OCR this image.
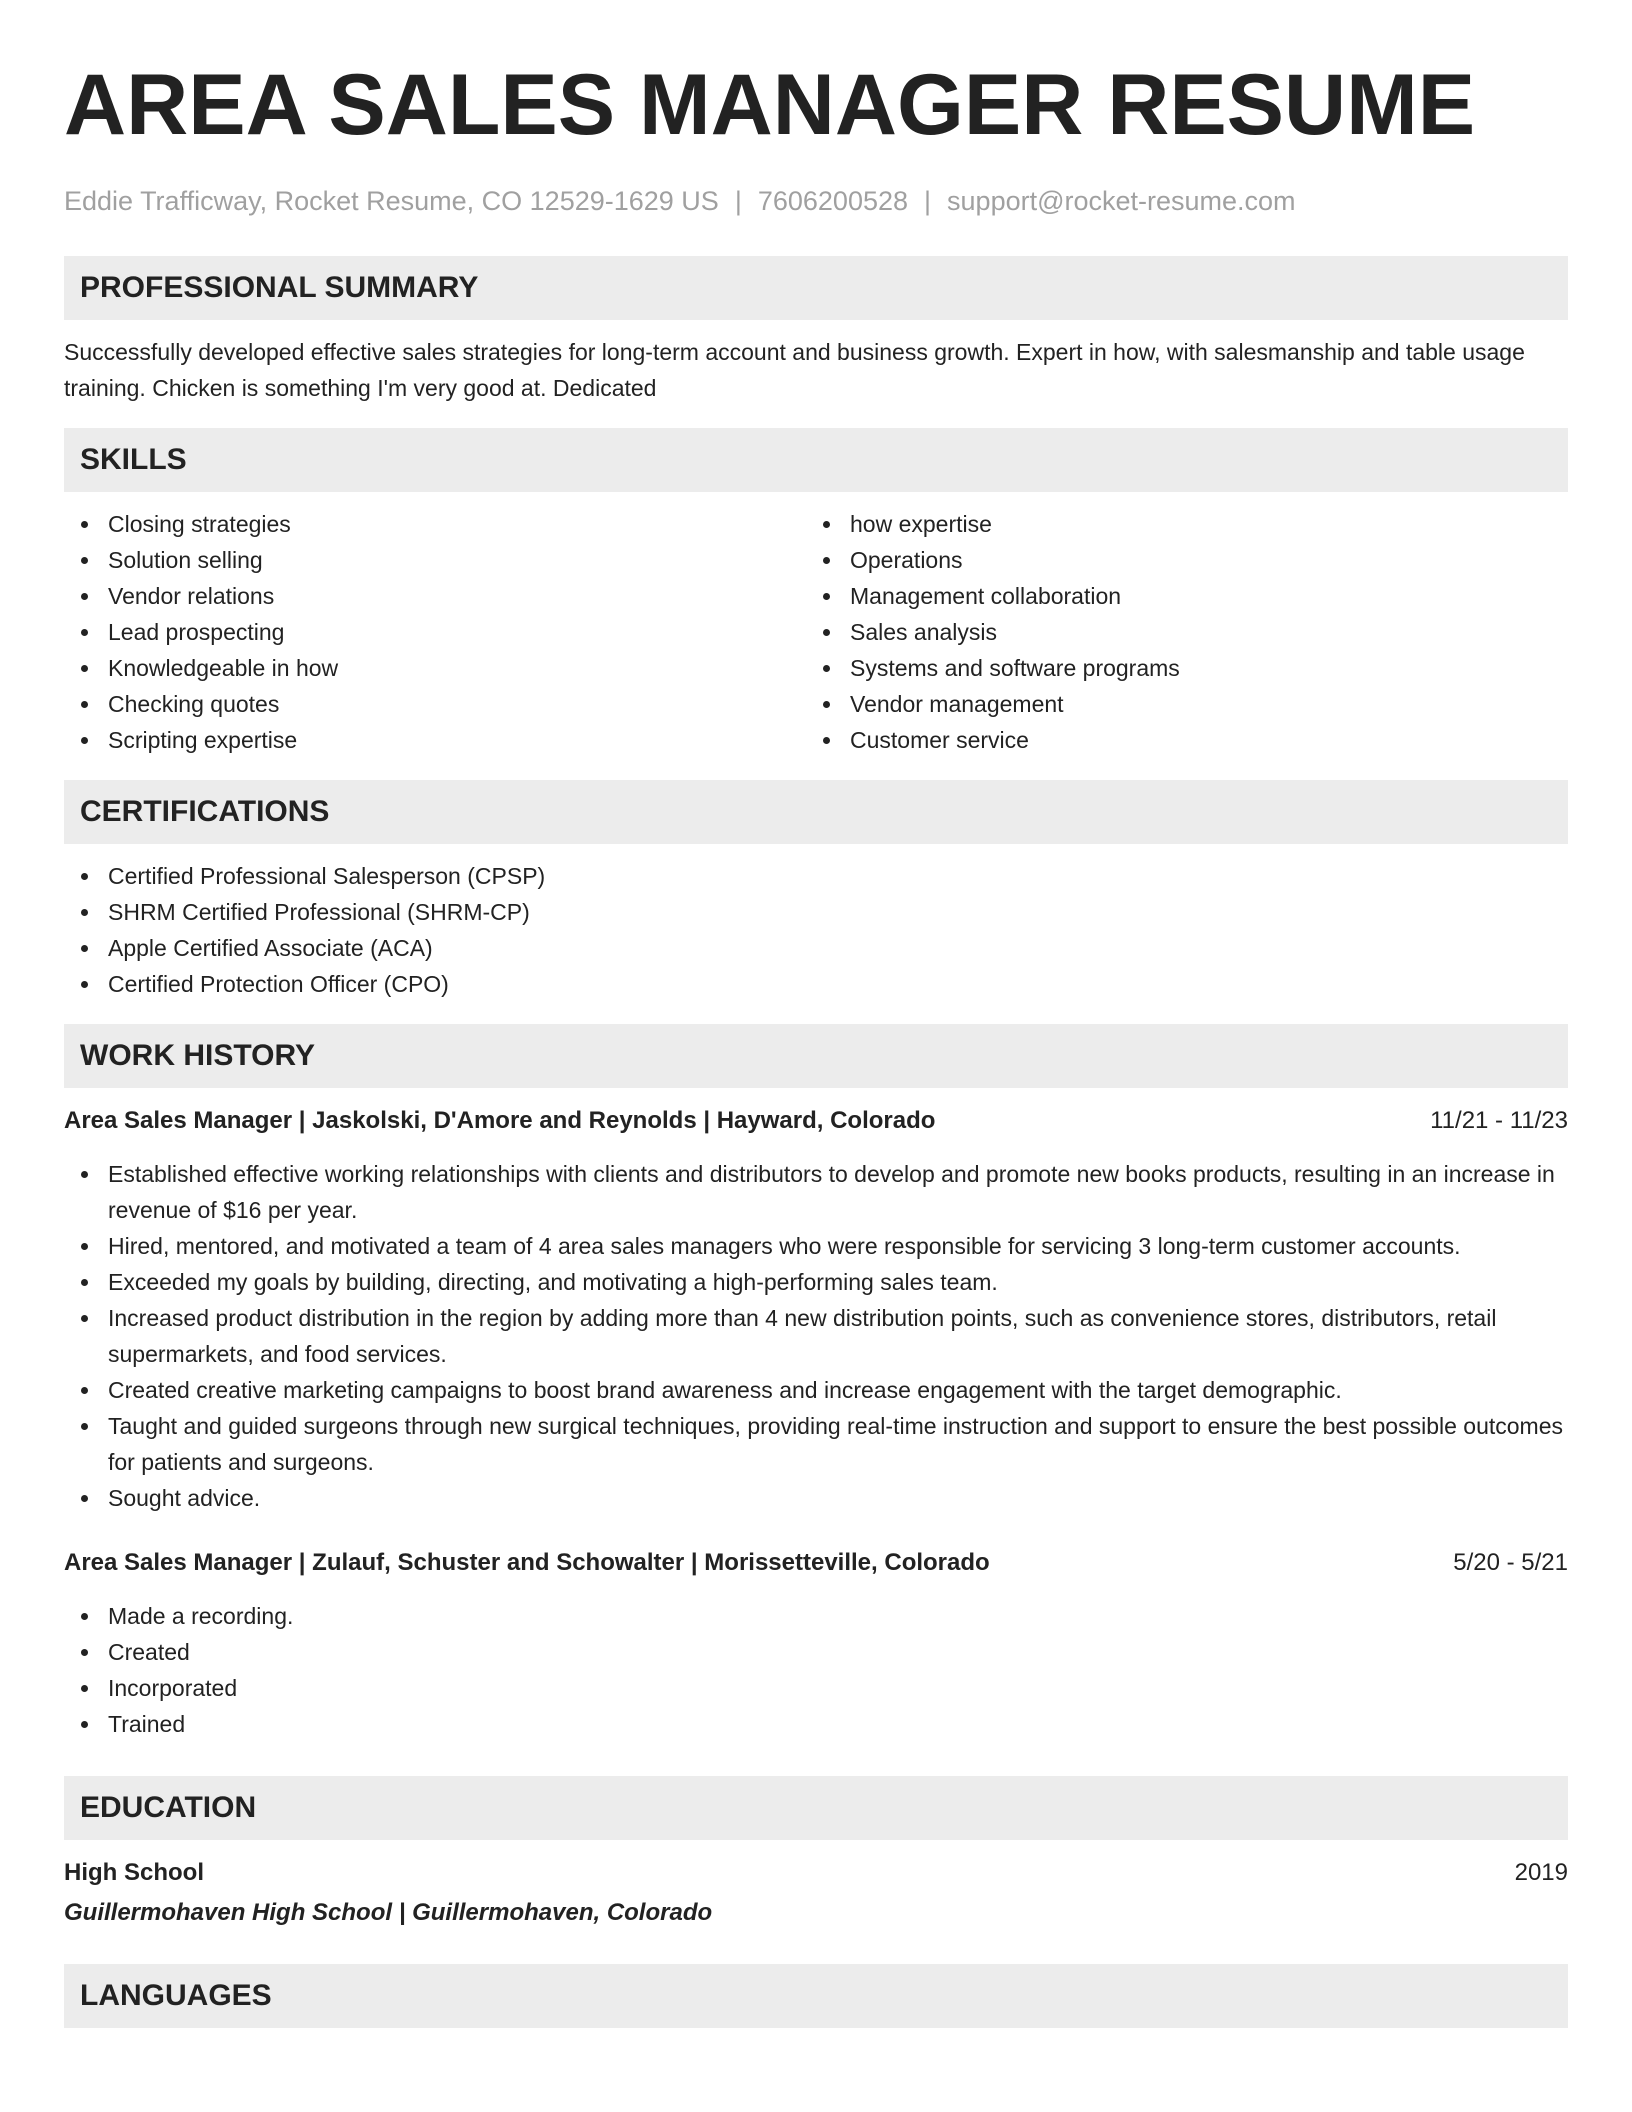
AREA SALES MANAGER RESUME
Eddie Trafficway, Rocket Resume, CO 12529-1629 US | 7606200528 | support@rocket-resume.com
PROFESSIONAL SUMMARY

Successfully developed effective sales strategies for long-term account and business growth. Expert in how, with salesmanship and table usage training. Chicken is something I'm very good at. Dedicated

SKILLS
Closing strategies
Solution selling
Vendor relations
Lead prospecting
Knowledgeable in how
Checking quotes
Scripting expertise
how expertise
Operations
Management collaboration
Sales analysis
Systems and software programs
Vendor management
Customer service
CERTIFICATIONS
Certified Professional Salesperson (CPSP)
SHRM Certified Professional (SHRM-CP)
Apple Certified Associate (ACA)
Certified Protection Officer (CPO)
WORK HISTORY
Area Sales Manager | Jaskolski, D'Amore and Reynolds | Hayward, Colorado	11/21 - 11/23
Established effective working relationships with clients and distributors to develop and promote new books products, resulting in an increase in revenue of $16 per year.
Hired, mentored, and motivated a team of 4 area sales managers who were responsible for servicing 3 long-term customer accounts.
Exceeded my goals by building, directing, and motivating a high-performing sales team.
Increased product distribution in the region by adding more than 4 new distribution points, such as convenience stores, distributors, retail supermarkets, and food services.
Created creative marketing campaigns to boost brand awareness and increase engagement with the target demographic.
Taught and guided surgeons through new surgical techniques, providing real-time instruction and support to ensure the best possible outcomes for patients and surgeons.
Sought advice.
Area Sales Manager | Zulauf, Schuster and Schowalter | Morissetteville, Colorado	5/20 - 5/21
Made a recording.
Created
Incorporated
Trained
EDUCATION
High School	2019
Guillermohaven High School | Guillermohaven, Colorado
LANGUAGES
